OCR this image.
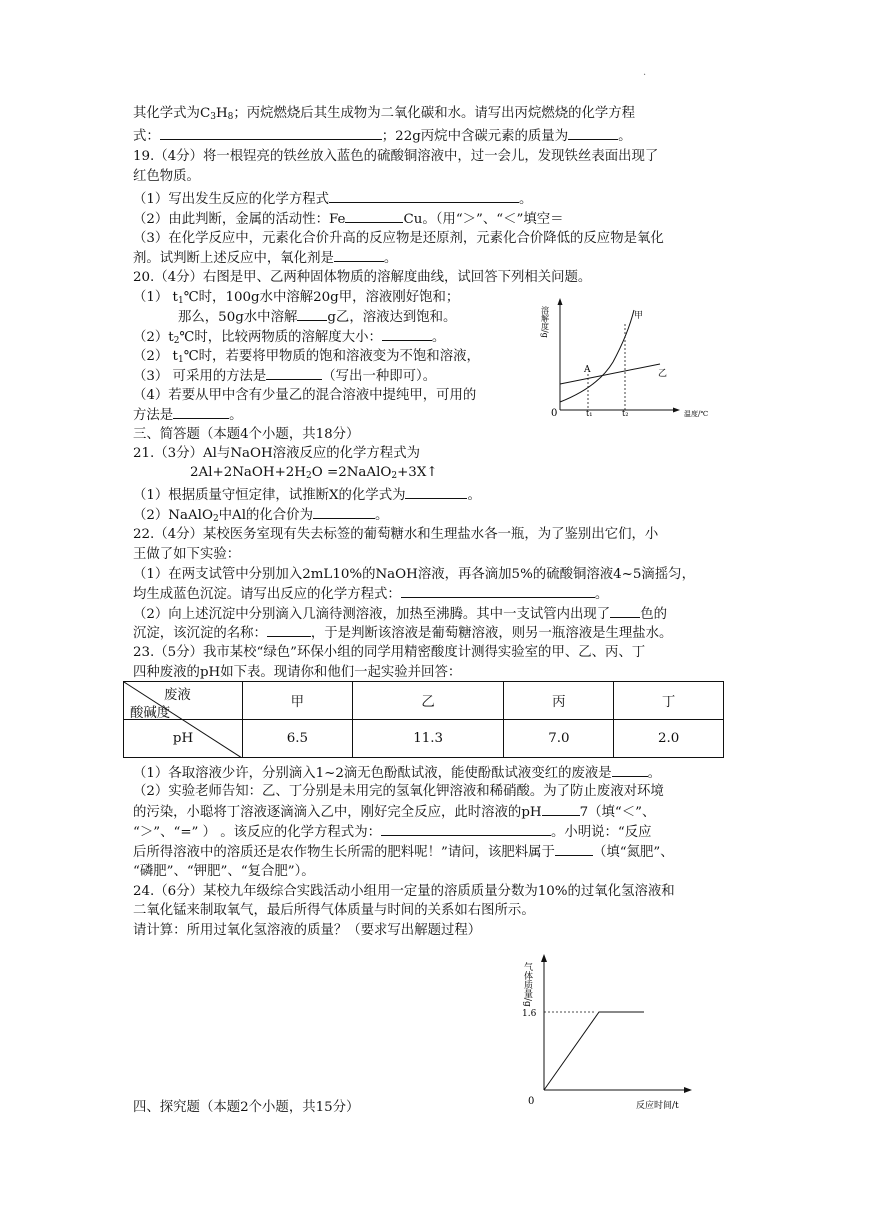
·
其化学式为$C_3H_8$；丙烷燃烧后其生成物为二氧化碳和水。请写出丙烷燃烧的化学方程
式：	；22g丙烷中含碳元素的质量为	。
19.（4分）将一根锃亮的铁丝放入蓝色的硫酸铜溶液中，过一会儿，发现铁丝表面出现了
红色物质。
（1）写出发生反应的化学方程式	。
（2）由此判断，金属的活动性：Fe	Cu。（用“＞”、“＜”填空＝
（3）在化学反应中，元素化合价升高的反应物是还原剂，元素化合价降低的反应物是氧化
剂。试判断上述反应中，氧化剂是	。
20.（4分）右图是甲、乙两种固体物质的溶解度曲线，试回答下列相关问题。
（1） $t_1℃$时，100g水中溶解20g甲，溶液刚好饱和；
那么，50g水中溶解 g乙，溶液达到饱和。
$(2)t_2℃$时，比较两物质的溶解度大小：	。
（2） $t_1℃$时，若要将甲物质的饱和溶液变为不饱和溶液，
（3） 可采用的方法是	（写出一种即可）。
（4）若要从甲中含有少量乙的混合溶液中提纯甲，可用的
方法是	。
溶解度/g
0	温度/℃
t₁	t₂
甲
乙
A
三、简答题（本题4个小题，共18分）
21.（3分）Al与NaOH溶液反应的化学方程式为
$2Al+2NaOH+2H_2O$ =2NaAlO$_2$+3X↑
（1）根据质量守恒定律，试推断X的化学式为	。
（2）NaAlO$_2$中Al的化合价为	。
22.（4分）某校医务室现有失去标签的葡萄糖水和生理盐水各一瓶，为了鉴别出它们，小
王做了如下实验：
（1）在两支试管中分别加入2mL10%的NaOH溶液，再各滴加5%的硫酸铜溶液4~5滴摇匀，
均生成蓝色沉淀。请写出反应的化学方程式：	。
（2）向上述沉淀中分别滴入几滴待测溶液，加热至沸腾。其中一支试管内出现了 色的
沉淀，该沉淀的名称：	，于是判断该溶液是葡萄糖溶液，则另一瓶溶液是生理盐水。
23.（5分）我市某校“绿色”环保小组的同学用精密酸度计测得实验室的甲、乙、丙、丁
四种废液的pH如下表。现请你和他们一起实验并回答：
废液
酸碱度	甲	乙	丙	丁
pH	6.5	11.3	7.0	2.0
（1）各取溶液少许，分别滴入1~2滴无色酚酞试液，能使酚酞试液变红的废液是	。
（2）实验老师告知：乙、丁分别是未用完的氢氧化钾溶液和稀硝酸。为了防止废液对环境
的污染，小聪将丁溶液逐滴滴入乙中，刚好完全反应，此时溶液的pH	7（填“＜”、
“＞”、“=” ） 。该反应的化学方程式为：	。小明说：“反应
后所得溶液中的溶质还是农作物生长所需的肥料呢！”请问，该肥料属于	（填“氮肥”、
“磷肥”、“钾肥”、“复合肥”）。
24.（6分）某校九年级综合实践活动小组用一定量的溶质质量分数为10%的过氧化氢溶液和
二氧化锰来制取氧气，最后所得气体质量与时间的关系如右图所示。
请计算：所用过氧化氢溶液的质量？（要求写出解题过程）
气体质量/g
0	反应时间/t
1.6
四、探究题（本题2个小题，共15分）
